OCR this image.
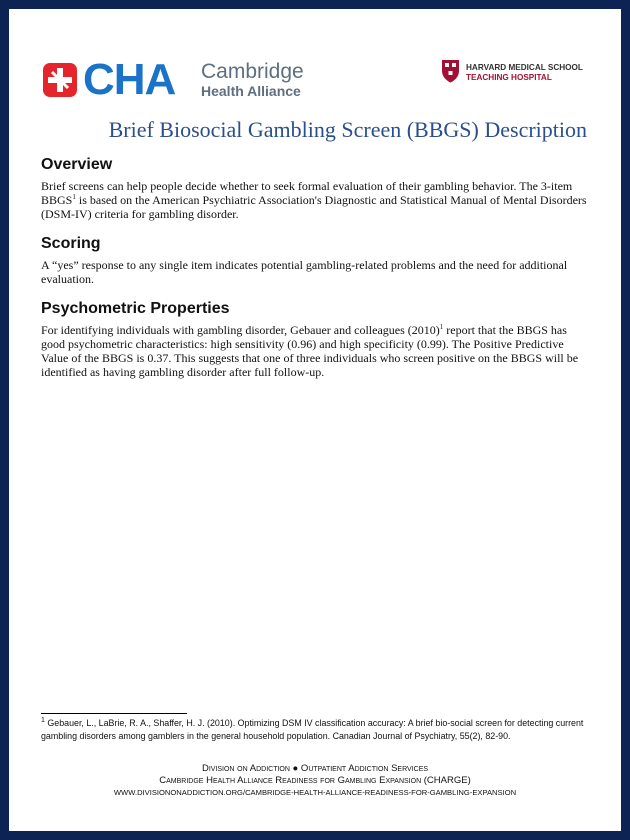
CHA Cambridge
Health Alliance
HARVARD MEDICAL SCHOOL
TEACHING HOSPITAL
Brief Biosocial Gambling Screen (BBGS) Description
Overview

Brief screens can help people decide whether to seek formal evaluation of their gambling behavior. The 3-item BBGS$^1$ is based on the American Psychiatric Association's Diagnostic and Statistical Manual of Mental Disorders (DSM-IV) criteria for gambling disorder.

Scoring

A “yes” response to any single item indicates potential gambling-related problems and the need for additional evaluation.

Psychometric Properties

For identifying individuals with gambling disorder, Gebauer and colleagues $(2010)^1$ report that the BBGS has good psychometric characteristics: high sensitivity (0.96) and high specificity (0.99). The Positive Predictive Value of the BBGS is 0.37. This suggests that one of three individuals who screen positive on the BBGS will be identified as having gambling disorder after full follow-up.

$^1$ Gebauer, L., LaBrie, R. A., Shaffer, H. J. (2010). Optimizing DSM IV classification accuracy: A brief bio-social screen for detecting current gambling disorders among gamblers in the general household population. Canadian Journal of Psychiatry, 55(2), 82-90.

Division on Addiction ● Outpatient Addiction Services
Cambridge Health Alliance Readiness for Gambling Expansion (CHARGE)
WWW.DIVISIONONADDICTION.ORG/CAMBRIDGE-HEALTH-ALLIANCE-READINESS-FOR-GAMBLING-EXPANSION
